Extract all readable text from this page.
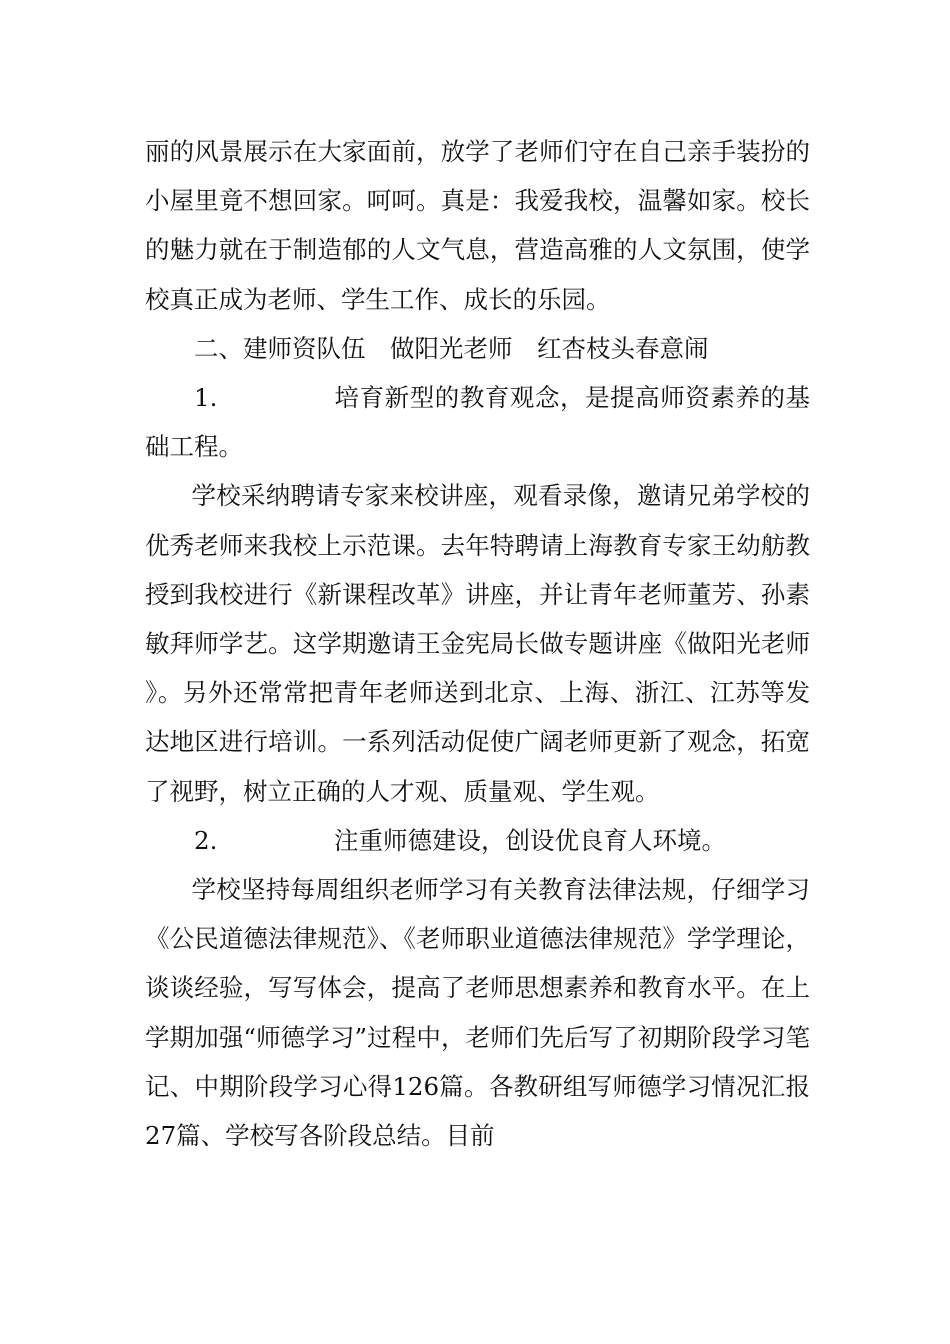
丽的风景展示在大家面前，放学了老师们守在自己亲手装扮的小屋里竟不想回家。呵呵。真是：我爱我校，温馨如家。校长的魅力就在于制造郁的人文气息，营造高雅的人文氛围，使学校真正成为老师、学生工作、成长的乐园。

二、建师资队伍　做阳光老师　红杏枝头春意闹

1.	培育新型的教育观念，是提高师资素养的基础工程。

学校采纳聘请专家来校讲座，观看录像，邀请兄弟学校的优秀老师来我校上示范课。去年特聘请上海教育专家王幼舫教授到我校进行《新课程改革》讲座，并让青年老师董芳、孙素敏拜师学艺。这学期邀请王金宪局长做专题讲座《做阳光老师》。另外还常常把青年老师送到北京、上海、浙江、江苏等发达地区进行培训。一系列活动促使广阔老师更新了观念，拓宽了视野，树立正确的人才观、质量观、学生观。

2.	注重师德建设，创设优良育人环境。

学校坚持每周组织老师学习有关教育法律法规，仔细学习《公民道德法律规范》、《老师职业道德法律规范》学学理论，谈谈经验，写写体会，提高了老师思想素养和教育水平。在上学期加强“师德学习”过程中，老师们先后写了初期阶段学习笔记、中期阶段学习心得126篇。各教研组写师德学习情况汇报27篇、学校写各阶段总结。目前
